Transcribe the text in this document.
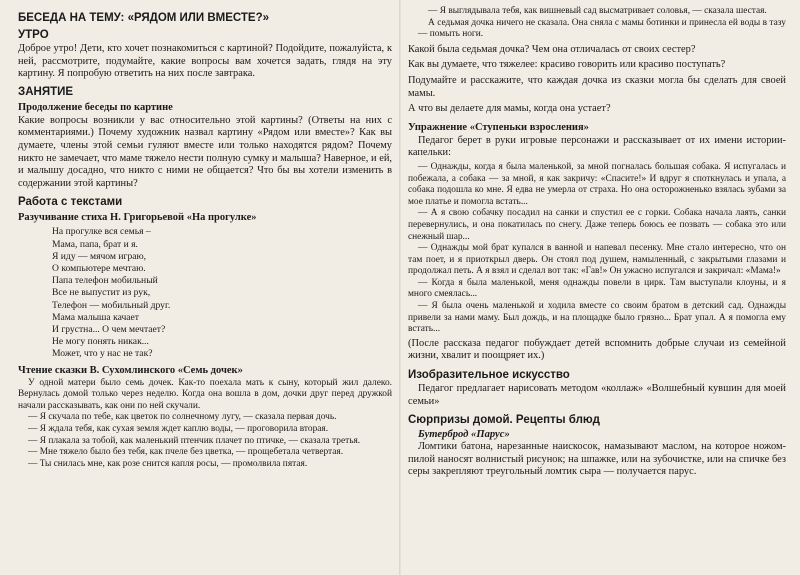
БЕСЕДА НА ТЕМУ: «РЯДОМ ИЛИ ВМЕСТЕ?»
УТРО

Доброе утро! Дети, кто хочет познакомиться с картиной? Подойдите, пожалуйста, к ней, рассмотрите, подумайте, какие вопросы вам хочется задать, глядя на эту картину. Я попробую ответить на них после завтрака.

ЗАНЯТИЕ
Продолжение беседы по картине

Какие вопросы возникли у вас относительно этой картины? (Ответы на них с комментариями.) Почему художник назвал картину «Рядом или вместе»? Как вы думаете, члены этой семьи гуляют вместе или только находятся рядом? Почему никто не замечает, что маме тяжело нести полную сумку и малыша? Наверное, и ей, и малышу досадно, что никто с ними не общается? Что бы вы хотели изменить в содержании этой картины?

Работа с текстами
Разучивание стиха Н. Григорьевой «На прогулке»
На прогулке вся семья –
Мама, папа, брат и я.
Я иду — мячом играю,
О компьютере мечтаю.
Папа телефон мобильный
Все не выпустит из рук,
Телефон — мобильный друг.
Мама малыша качает
И грустна... О чем мечтает?
Не могу понять никак...
Может, что у нас не так?
Чтение сказки В. Сухомлинского «Семь дочек»

У одной матери было семь дочек. Как-то поехала мать к сыну, который жил далеко. Вернулась домой только через неделю. Когда она вошла в дом, дочки друг перед дружкой начали рассказывать, как они по ней скучали.

— Я скучала по тебе, как цветок по солнечному лугу, — сказала первая дочь.

— Я ждала тебя, как сухая земля ждет каплю воды, — проговорила вторая.

— Я плакала за тобой, как маленький птенчик плачет по птичке, — сказала третья.

— Мне тяжело было без тебя, как пчеле без цветка, — прощебетала четвертая.

— Ты снилась мне, как розе снится капля росы, — промолвила пятая.

— Я выглядывала тебя, как вишневый сад высматривает соловья, — сказала шестая.

А седьмая дочка ничего не сказала. Она сняла с мамы ботинки и принесла ей воды в тазу — помыть ноги.

Какой была седьмая дочка? Чем она отличалась от своих сестер?

Как вы думаете, что тяжелее: красиво говорить или красиво поступать?

Подумайте и расскажите, что каждая дочка из сказки могла бы сделать для своей мамы.

А что вы делаете для мамы, когда она устает?

Упражнение «Ступеньки взросления»

Педагог берет в руки игровые персонажи и рассказывает от их имени истории-капельки:

— Однажды, когда я была маленькой, за мной погналась большая собака. Я испугалась и побежала, а собака — за мной, я как закричу: «Спасите!» И вдруг я споткнулась и упала, а собака подошла ко мне. Я едва не умерла от страха. Но она осторожненько взялась зубами за мое платье и помогла встать...

— А я свою собачку посадил на санки и спустил ее с горки. Собака начала лаять, санки перевернулись, и она покатилась по снегу. Даже теперь боюсь ее позвать — собака это или снежный шар...

— Однажды мой брат купался в ванной и напевал песенку. Мне стало интересно, что он там поет, и я приоткрыл дверь. Он стоял под душем, намыленный, с закрытыми глазами и продолжал петь. А я взял и сделал вот так: «Гав!» Он ужасно испугался и закричал: «Мама!»

— Когда я была маленькой, меня однажды повели в цирк. Там выступали клоуны, и я много смеялась...

— Я была очень маленькой и ходила вместе со своим братом в детский сад. Однажды привели за нами маму. Был дождь, и на площадке было грязно... Брат упал. А я помогла ему встать...

(После рассказа педагог побуждает детей вспомнить добрые случаи из семейной жизни, хвалит и поощряет их.)

Изобразительное искусство

Педагог предлагает нарисовать методом «коллаж» «Волшебный кувшин для моей семьи»

Сюрпризы домой. Рецепты блюд
Бутерброд «Парус»

Ломтики батона, нарезанные наискосок, намазывают маслом, на которое ножом-пилой наносят волнистый рисунок; на шпажке, или на зубочистке, или на спичке без серы закрепляют треугольный ломтик сыра — получается парус.
